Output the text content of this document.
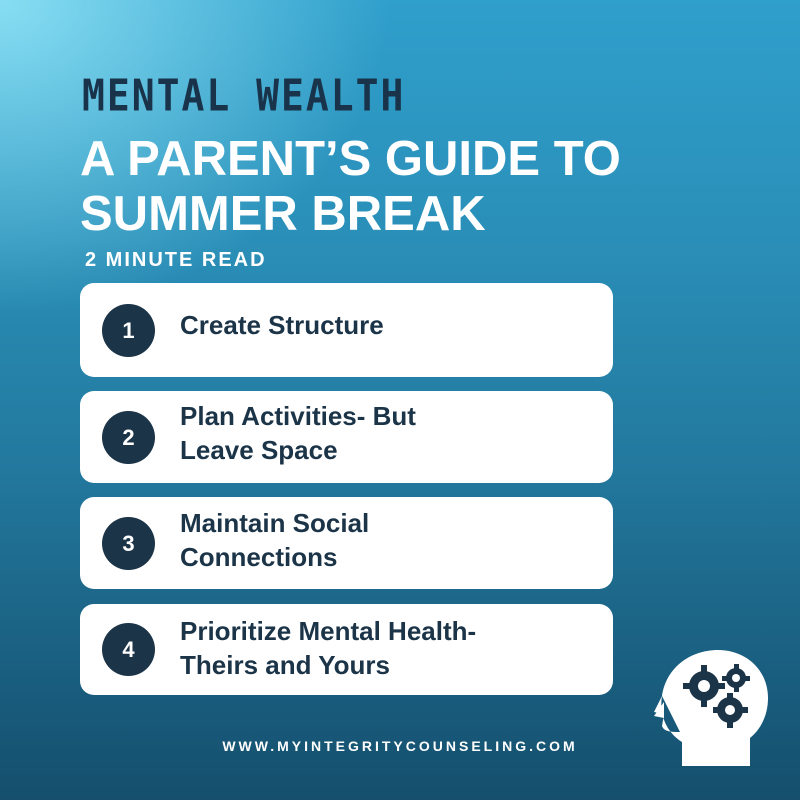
MENTAL WEALTH
A PARENT’S GUIDE TO
SUMMER BREAK
2 MINUTE READ
1	Create Structure
2
Plan Activities- But
Leave Space
3
Maintain Social
Connections
4
Prioritize Mental Health-
Theirs and Yours
WWW.MYINTEGRITYCOUNSELING.COM
